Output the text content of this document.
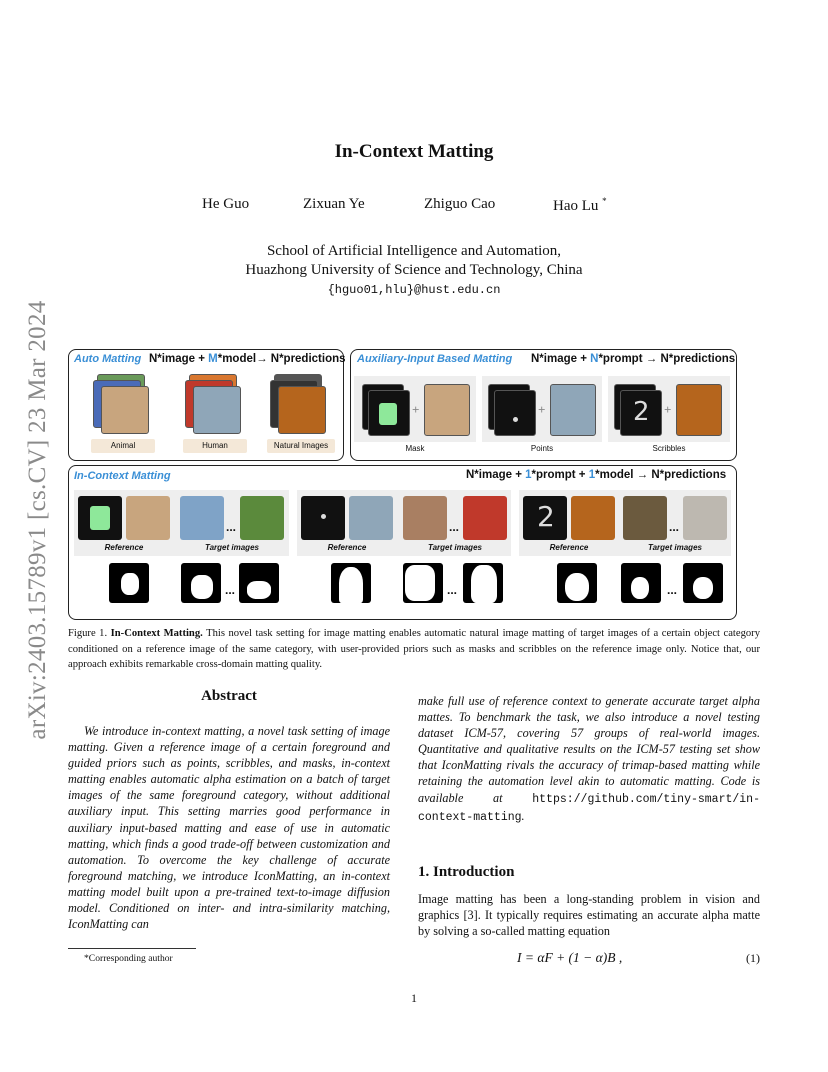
In-Context Matting
He Guo	Zixuan Ye	Zhiguo Cao	Hao Lu *
School of Artificial Intelligence and Automation,
Huazhong University of Science and Technology, China
{hguo01,hlu}@hust.edu.cn
arXiv:2403.15789v1 [cs.CV] 23 Mar 2024 Auto Matting N*image + M*model→ N*predictions
Animal	Human	Natural Images
Auxiliary-Input Based Matting N*image + N*prompt → N*predictions
+	+	2 +
Mask	Points	Scribbles
In-Context Matting	N*image + 1*prompt + 1*model → N*predictions
...
Reference	Target images
...
...
Reference	Target images
...
2	...
Reference	Target images
...
Figure 1. In-Context Matting. This novel task setting for image matting enables automatic natural image matting of target images of a certain object category conditioned on a reference image of the same category, with user-provided priors such as masks and scribbles on the reference image only. Notice that, our approach exhibits remarkable cross-domain matting quality.
Abstract
We introduce in-context matting, a novel task setting of image matting. Given a reference image of a certain foreground and guided priors such as points, scribbles, and masks, in-context matting enables automatic alpha estimation on a batch of target images of the same foreground category, without additional auxiliary input. This setting marries good performance in auxiliary input-based matting and ease of use in automatic matting, which finds a good trade-off between customization and automation. To overcome the key challenge of accurate foreground matching, we introduce IconMatting, an in-context matting model built upon a pre-trained text-to-image diffusion model. Conditioned on inter- and intra-similarity matching, IconMatting can
make full use of reference context to generate accurate target alpha mattes. To benchmark the task, we also introduce a novel testing dataset ICM-57, covering 57 groups of real-world images. Quantitative and qualitative results on the ICM-57 testing set show that IconMatting rivals the accuracy of trimap-based matting while retaining the automation level akin to automatic matting. Code is available at	https://github.com/tiny-smart/in-context-matting.
1. Introduction
Image matting has been a long-standing problem in vision and graphics [3]. It typically requires estimating an accurate alpha matte by solving a so-called matting equation
I = αF + (1 − α)B ,	(1)
*Corresponding author
1
